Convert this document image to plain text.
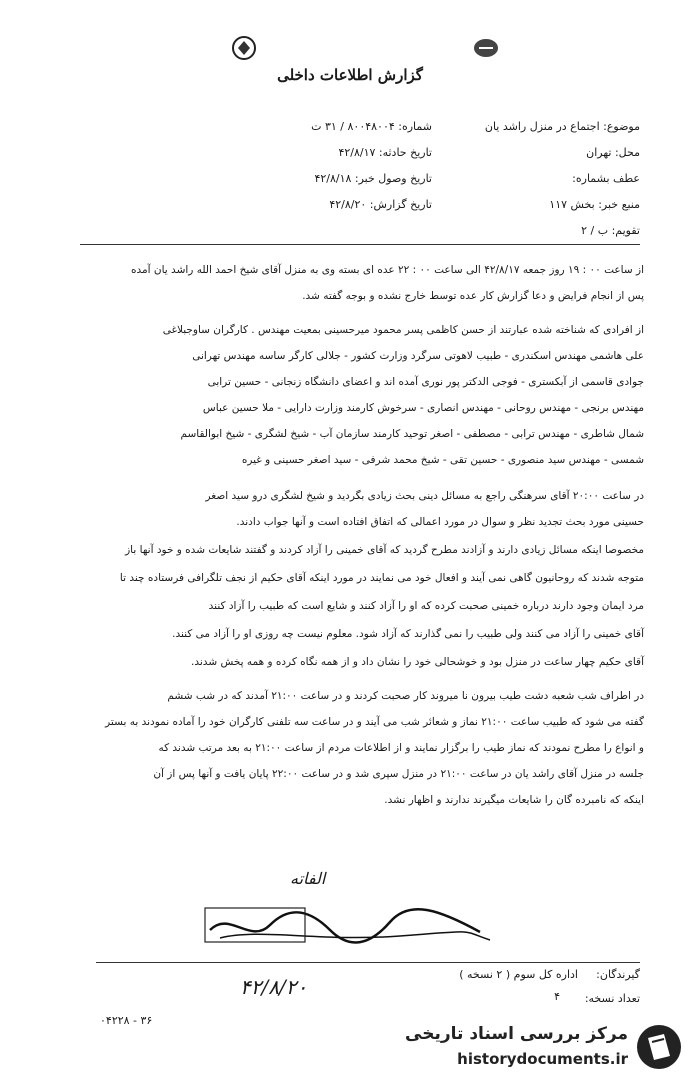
گزارش اطلاعات داخلی
شماره: ۸۰۰۴۸۰۰۴ / ۳۱ ت
تاریخ حادثه: ۴۲/۸/۱۷
تاریخ وصول خبر: ۴۲/۸/۱۸
تاریخ گزارش: ۴۲/۸/۲۰
موضوع: اجتماع در منزل راشد یان
محل: تهران
عطف بشماره:
منبع خبر: بخش ۱۱۷
تقویم: ب / ۲
از ساعت ۰۰ : ۱۹ روز جمعه ۴۲/۸/۱۷ الی ساعت ۰۰ : ۲۲ عده ای بسته وی به منزل آقای شیخ احمد الله راشد یان آمده
پس از انجام فرایض و دعا گزارش کار عده توسط خارج نشده و بوجه گفته شد.
از افرادی که شناخته شده عبارتند از حسن کاظمی پسر محمود میرحسینی بمعیت مهندس . کارگران ساوجبلاغی
علی هاشمی مهندس اسکندری - طبیب لاهوتی سرگرد وزارت کشور - جلالی کارگر ساسه مهندس تهرانی
جوادی قاسمی از آبکستری - فوجی الدکتر پور نوری آمده اند و اعضای دانشگاه زنجانی - حسین ترابی
مهندس برنجی - مهندس روحانی - مهندس انصاری - سرخوش کارمند وزارت دارایی - ملا حسین عباس
شمال شاطری - مهندس ترابی - مصطفی - اصغر توحید کارمند سازمان آب - شیخ لشگری - شیخ ابوالقاسم
شمسی - مهندس سید منصوری - حسین تقی - شیخ محمد شرفی - سید اصغر حسینی و غیره
در ساعت ۲۰:۰۰ آقای سرهنگی راجع به مسائل دینی بحث زیادی بگردید و شیخ لشگری درو سید اصغر
حسینی مورد بحث تجدید نظر و سوال در مورد اعمالی که اتفاق افتاده است و آنها جواب دادند.
مخصوصا اینکه مسائل زیادی دارند و آزادند مطرح گردید که آقای خمینی را آزاد کردند و گفتند شایعات شده و خود آنها باز
متوجه شدند که روحانیون گاهی نمی آیند و افعال خود می نمایند در مورد اینکه آقای حکیم از نجف تلگرافی فرستاده چند تا
مرد ایمان وجود دارند درباره خمینی صحبت کرده که او را آزاد کنند و شایع است که طبیب را آزاد کنند
آقای خمینی را آزاد می کنند ولی طبیب را نمی گذارند که آزاد شود. معلوم نیست چه روزی او را آزاد می کنند.
آقای حکیم چهار ساعت در منزل بود و خوشحالی خود را نشان داد و از همه نگاه کرده و همه پخش شدند.
در اطراف شب شعبه دشت طیب بیرون نا میروند کار صحبت کردند و در ساعت ۲۱:۰۰ آمدند که در شب ششم
گفته می شود که طبیب ساعت ۲۱:۰۰ نماز و شعائر شب می آیند و در ساعت سه تلفنی کارگران خود را آماده نمودند به بستر
و انواع را مطرح نمودند که نماز طیب را برگزار نمایند و از اطلاعات مردم از ساعت ۲۱:۰۰ به بعد مرتب شدند که
جلسه در منزل آقای راشد یان در ساعت ۲۱:۰۰ در منزل سپری شد و در ساعت ۲۲:۰۰ پایان یافت و آنها پس از آن
اینکه که نامبرده گان را شایعات میگیرند ندارند و اظهار نشد.
الفاته
گیرندگان:
اداره کل سوم ( ۲ نسخه )
تعداد نسخه:
۴
۴۲/۸/۲۰
۰۴۲۲۸ - ۳۶
مرکز بررسی اسناد تاریخی
historydocuments.ir
